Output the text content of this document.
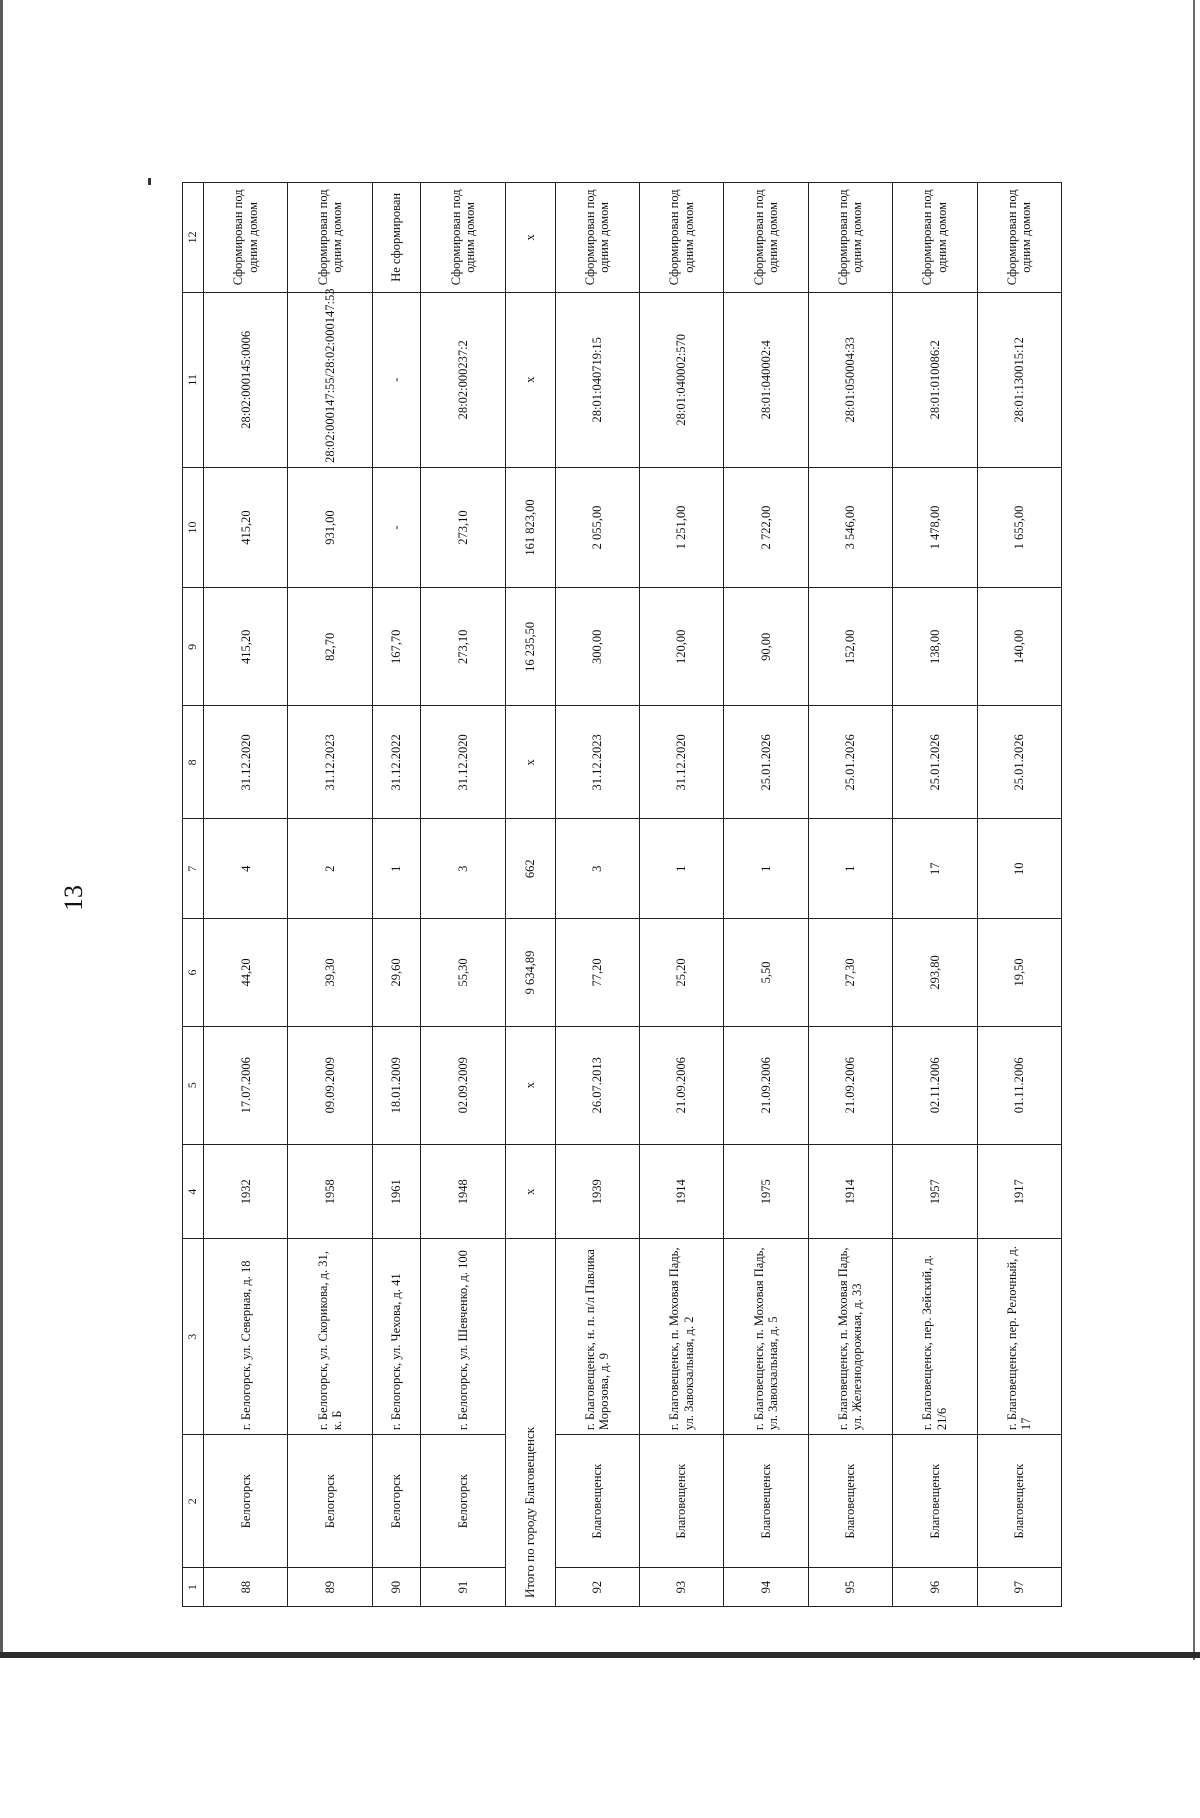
13
1	2	3	4	5	6	7	8	9	10	11	12
88	Белогорск	г. Белогорск, ул. Северная, д. 18	1932	17.07.2006	44,20	4	31.12.2020	415,20	415,20	28:02:000145:0006	Сформирован под одним домом
89	Белогорск	г. Белогорск, ул. Скорикова, д. 31, к. Б	1958	09.09.2009	39,30	2	31.12.2023	82,70	931,00	28:02:000147:55/28:02:000147:53	Сформирован под одним домом
90	Белогорск	г. Белогорск, ул. Чехова, д. 41	1961	18.01.2009	29,60	1	31.12.2022	167,70	-	-	Не сформирован
91	Белогорск	г. Белогорск, ул. Шевченко, д. 100	1948	02.09.2009	55,30	3	31.12.2020	273,10	273,10	28:02:000237:2	Сформирован под одним домом
Итого по городу Благовещенск			х	х	9 634,89	662	х	16 235,50	161 823,00	х	х
92	Благовещенск	г. Благовещенск, н. п. п/л Павлика Морозова, д. 9	1939	26.07.2013	77,20	3	31.12.2023	300,00	2 055,00	28:01:040719:15	Сформирован под одним домом
93	Благовещенск	г. Благовещенск, п. Моховая Падь, ул. Завокзальная, д. 2	1914	21.09.2006	25,20	1	31.12.2020	120,00	1 251,00	28:01:040002:570	Сформирован под одним домом
94	Благовещенск	г. Благовещенск, п. Моховая Падь, ул. Завокзальная, д. 5	1975	21.09.2006	5,50	1	25.01.2026	90,00	2 722,00	28:01:040002:4	Сформирован под одним домом
95	Благовещенск	г. Благовещенск, п. Моховая Падь, ул. Железнодорожная, д. 33	1914	21.09.2006	27,30	1	25.01.2026	152,00	3 546,00	28:01:050004:33	Сформирован под одним домом
96	Благовещенск	г. Благовещенск, пер. Зейский, д. 21/6	1957	02.11.2006	293,80	17	25.01.2026	138,00	1 478,00	28:01:010086:2	Сформирован под одним домом
97	Благовещенск	г. Благовещенск, пер. Релочный, д. 17	1917	01.11.2006	19,50	10	25.01.2026	140,00	1 655,00	28:01:130015:12	Сформирован под одним домом
